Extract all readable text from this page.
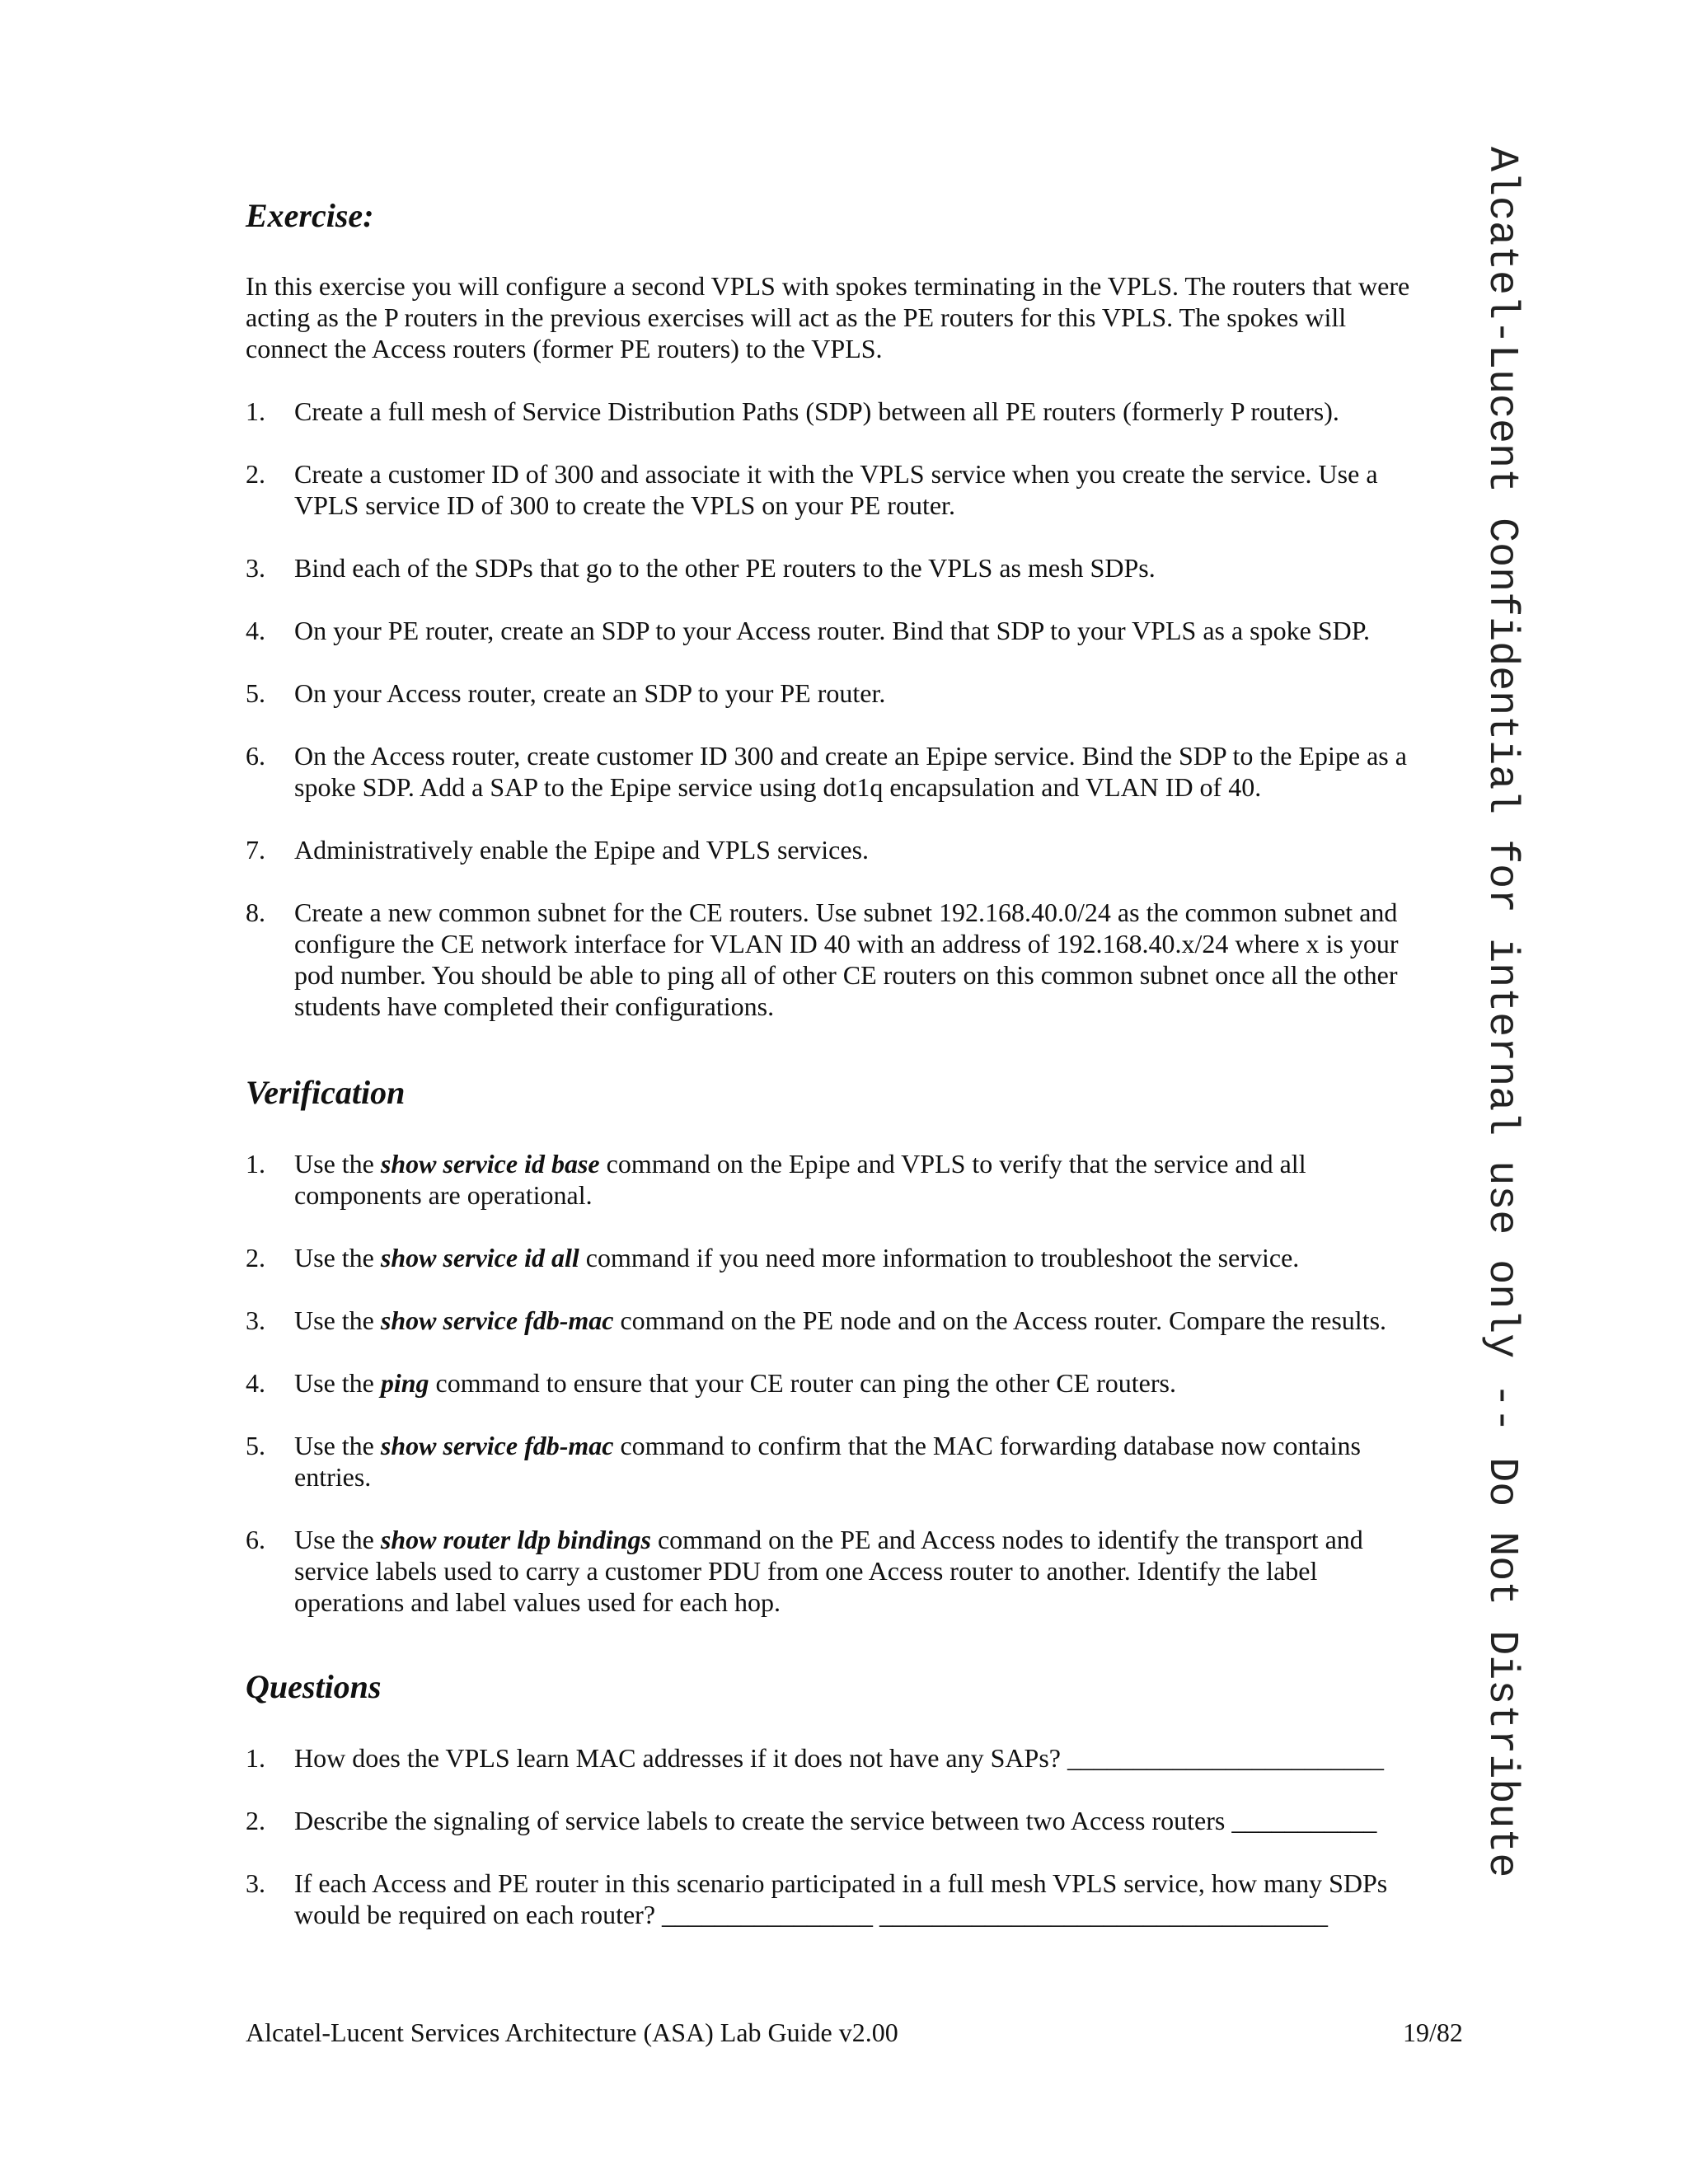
Exercise:
In this exercise you will configure a second VPLS with spokes terminating in the VPLS. The routers that were acting as the P routers in the previous exercises will act as the PE routers for this VPLS. The spokes will connect the Access routers (former PE routers) to the VPLS.
1. Create a full mesh of Service Distribution Paths (SDP) between all PE routers (formerly P routers).
2. Create a customer ID of 300 and associate it with the VPLS service when you create the service. Use a VPLS service ID of 300 to create the VPLS on your PE router.
3. Bind each of the SDPs that go to the other PE routers to the VPLS as mesh SDPs.
4. On your PE router, create an SDP to your Access router. Bind that SDP to your VPLS as a spoke SDP.
5. On your Access router, create an SDP to your PE router.
6. On the Access router, create customer ID 300 and create an Epipe service. Bind the SDP to the Epipe as a spoke SDP. Add a SAP to the Epipe service using dot1q encapsulation and VLAN ID of 40.
7. Administratively enable the Epipe and VPLS services.
8. Create a new common subnet for the CE routers. Use subnet 192.168.40.0/24 as the common subnet and configure the CE network interface for VLAN ID 40 with an address of 192.168.40.x/24 where x is your pod number. You should be able to ping all of other CE routers on this common subnet once all the other students have completed their configurations.
Verification
1. Use the show service id base command on the Epipe and VPLS to verify that the service and all components are operational.
2. Use the show service id all command if you need more information to troubleshoot the service.
3. Use the show service fdb-mac command on the PE node and on the Access router. Compare the results.
4. Use the ping command to ensure that your CE router can ping the other CE routers.
5. Use the show service fdb-mac command to confirm that the MAC forwarding database now contains entries.
6. Use the show router ldp bindings command on the PE and Access nodes to identify the transport and service labels used to carry a customer PDU from one Access router to another. Identify the label operations and label values used for each hop.
Questions
1. How does the VPLS learn MAC addresses if it does not have any SAPs? ________________________
2. Describe the signaling of service labels to create the service between two Access routers ___________
3. If each Access and PE router in this scenario participated in a full mesh VPLS service, how many SDPs would be required on each router? ________________ __________________________________
Alcatel-Lucent Services Architecture (ASA) Lab Guide v2.00	19/82
Alcatel-Lucent Confidential for internal use only -- Do Not Distribute
